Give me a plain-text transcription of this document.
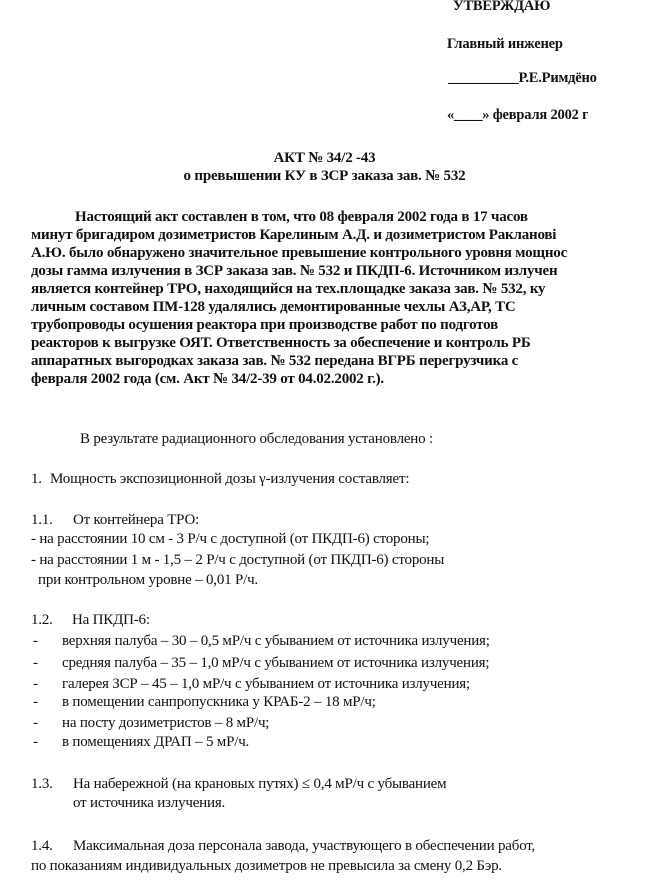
УТВЕРЖДАЮ
Главный инженер
__________Р.Е.Римдёно
«____» февраля 2002 г
АКТ № 34/2 -43
о превышении КУ в ЗСР заказа зав. № 532
Настоящий акт составлен в том, что 08 февраля 2002 года в 17 часов
минут бригадиром дозиметристов Карелиным А.Д. и дозиметристом Ракланові
А.Ю. было обнаружено значительное превышение контрольного уровня мощнос
дозы гамма излучения в ЗСР заказа зав. № 532 и ПКДП-6. Источником излучен
является контейнер ТРО, находящийся на тех.площадке заказа зав. № 532, ку
личным составом ПМ-128 удалялись демонтированные чехлы АЗ,АР, ТС
трубопроводы осушения реактора при производстве работ по подготов
реакторов к выгрузке ОЯТ. Ответственность за обеспечение и контроль РБ
аппаратных выгородках заказа зав. № 532 передана ВГРБ перегрузчика с
февраля 2002 года (см. Акт № 34/2-39 от 04.02.2002 г.).
В результате радиационного обследования установлено :
1. Мощность экспозиционной дозы γ-излучения составляет:
1.1. От контейнера ТРО:
- на расстоянии 10 см - 3 Р/ч с доступной (от ПКДП-6) стороны;
- на расстоянии 1 м - 1,5 – 2 Р/ч с доступной (от ПКДП-6) стороны
при контрольном уровне – 0,01 Р/ч.
1.2. На ПКДП-6:
- верхняя палуба – 30 – 0,5 мР/ч с убыванием от источника излучения;
- средняя палуба – 35 – 1,0 мР/ч с убыванием от источника излучения;
- галерея ЗСР – 45 – 1,0 мР/ч с убыванием от источника излучения;
- в помещении санпропускника у КРАБ-2 – 18 мР/ч;
- на посту дозиметристов – 8 мР/ч;
- в помещениях ДРАП – 5 мР/ч.
1.3. На набережной (на крановых путях) ≤ 0,4 мР/ч с убыванием
от источника излучения.
1.4. Максимальная доза персонала завода, участвующего в обеспечении работ,
по показаниям индивидуальных дозиметров не превысила за смену 0,2 Бэр.
